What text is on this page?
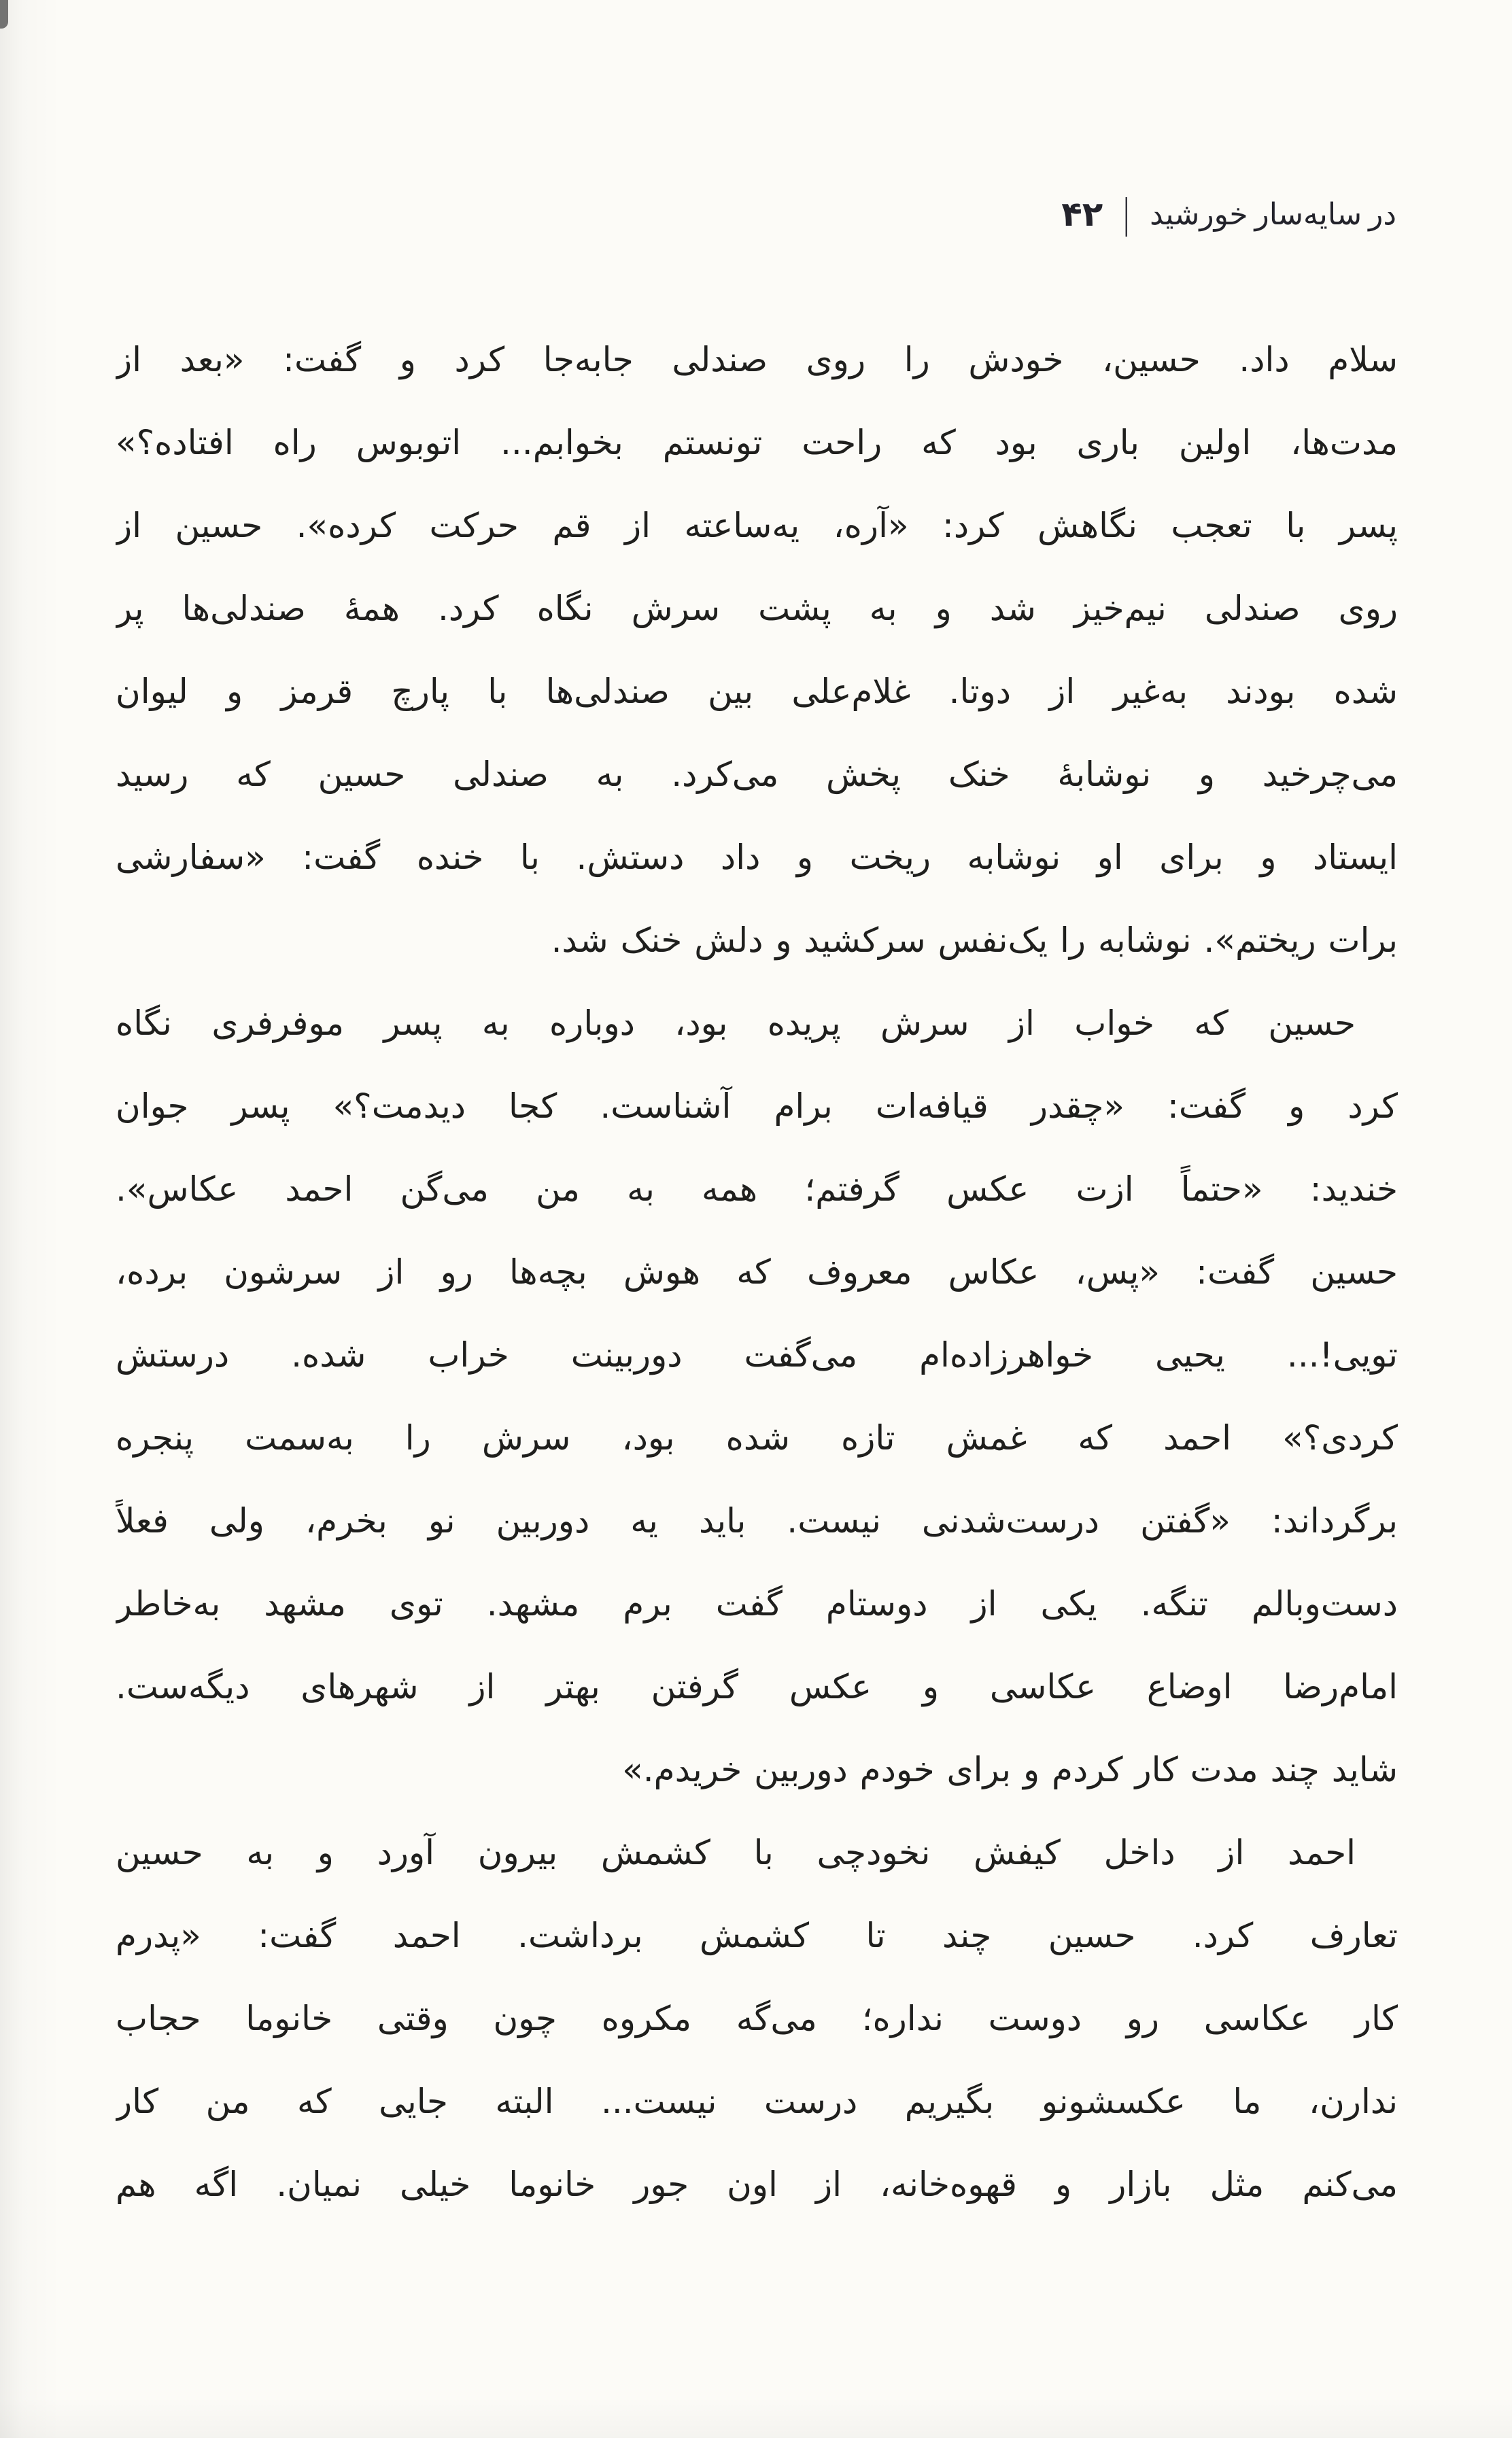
در سایه‌سار خورشید
|
۴۲
سلام داد. حسین، خودش را روی صندلی جابه‌جا کرد و گفت: «بعد از
مدت‌ها، اولین باری بود که راحت تونستم بخوابم... اتوبوس راه افتاده؟»
پسر با تعجب نگاهش کرد: «آره، یه‌ساعته از قم حرکت کرده». حسین از
روی صندلی نیم‌خیز شد و به پشت سرش نگاه کرد. همهٔ صندلی‌ها پر
شده بودند به‌غیر از دوتا. غلام‌علی بین صندلی‌ها با پارچ قرمز و لیوان
می‌چرخید و نوشابهٔ خنک پخش می‌کرد. به صندلی حسین که رسید
ایستاد و برای او نوشابه ریخت و داد دستش. با خنده گفت: «سفارشی
برات ریختم». نوشابه را یک‌نفس سرکشید و دلش خنک شد.
حسین که خواب از سرش پریده بود، دوباره به پسر موفرفری نگاه
کرد و گفت: «چقدر قیافه‌ات برام آشناست. کجا دیدمت؟» پسر جوان
خندید: «حتماً ازت عکس گرفتم؛ همه به من می‌گن احمد عکاس».
حسین گفت: «پس، عکاس معروف که هوش بچه‌ها رو از سرشون برده،
تویی!... یحیی خواهرزاده‌ام می‌گفت دوربینت خراب شده. درستش
کردی؟» احمد که غمش تازه شده بود، سرش را به‌سمت پنجره
برگرداند: «گفتن درست‌شدنی نیست. باید یه دوربین نو بخرم، ولی فعلاً
دست‌وبالم تنگه. یکی از دوستام گفت برم مشهد. توی مشهد به‌خاطر
امام‌رضا اوضاع عکاسی و عکس گرفتن بهتر از شهرهای دیگه‌ست.
شاید چند مدت کار کردم و برای خودم دوربین خریدم.»
احمد از داخل کیفش نخودچی با کشمش بیرون آورد و به حسین
تعارف کرد. حسین چند تا کشمش برداشت. احمد گفت: «پدرم
کار عکاسی رو دوست نداره؛ می‌گه مکروه چون وقتی خانوما حجاب
ندارن، ما عکسشونو بگیریم درست نیست... البته جایی که من کار
می‌کنم مثل بازار و قهوه‌خانه، از اون جور خانوما خیلی نمیان. اگه هم
